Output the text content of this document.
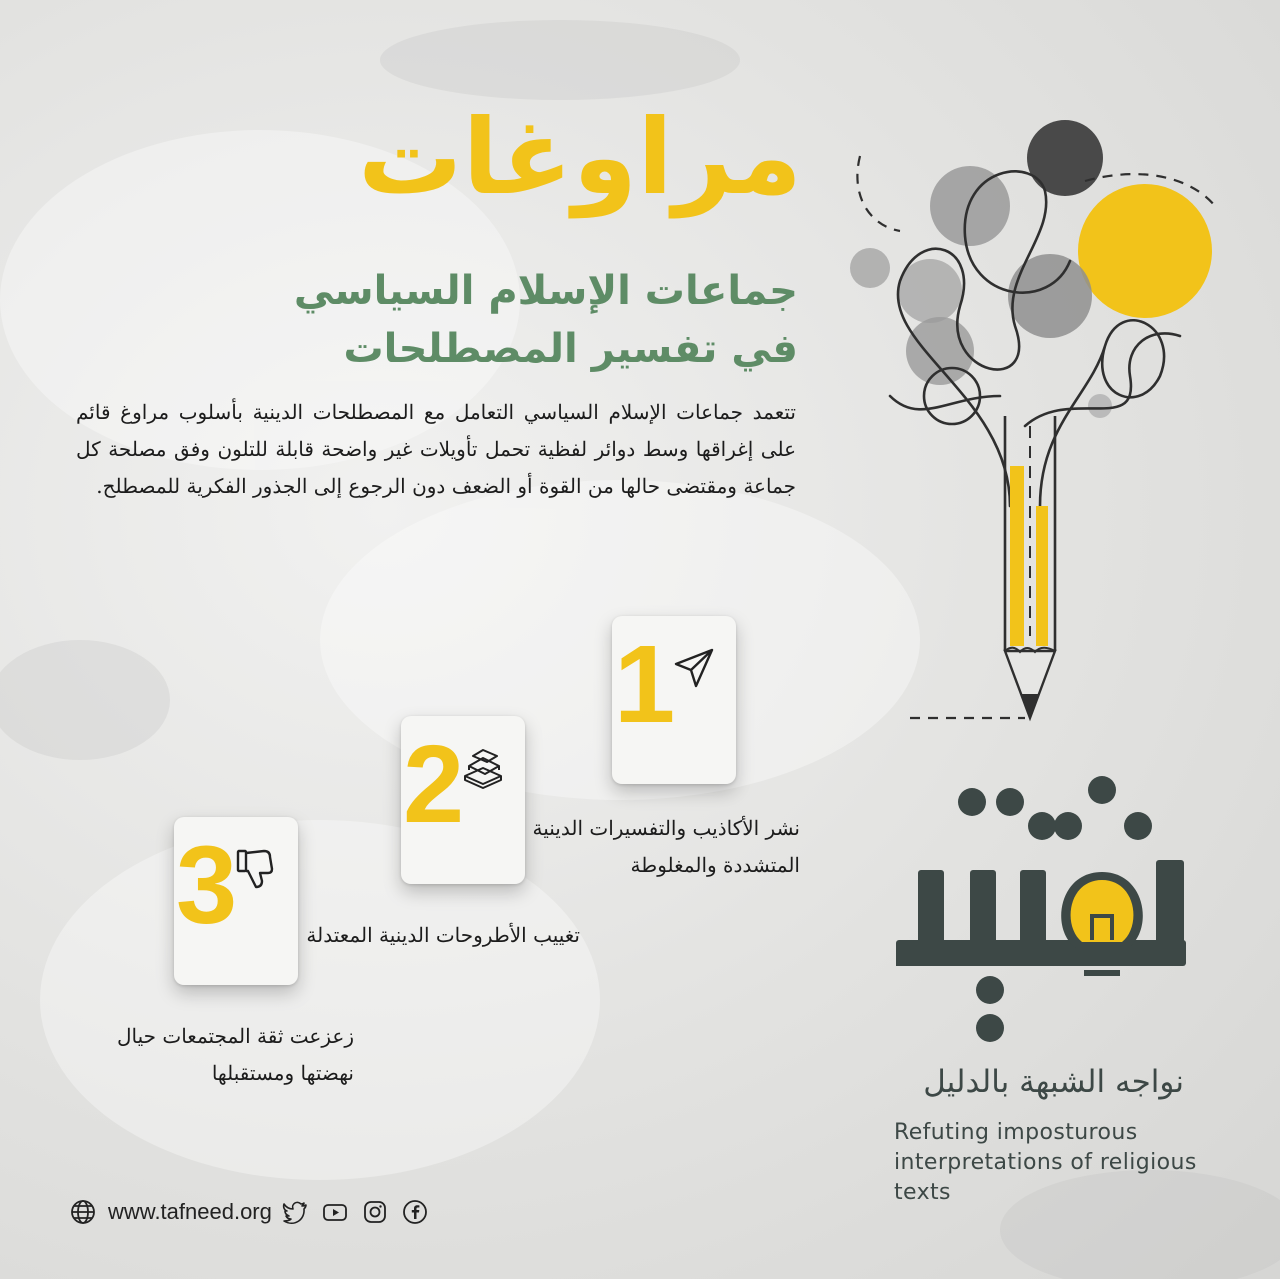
مراوغات
جماعات الإسلام السياسي في تفسير المصطلحات

تتعمد جماعات الإسلام السياسي التعامل مع المصطلحات الدينية بأسلوب مراوغ قائم على إغراقها وسط دوائر لفظية تحمل تأويلات غير واضحة قابلة للتلون وفق مصلحة كل جماعة ومقتضى حالها من القوة أو الضعف دون الرجوع إلى الجذور الفكرية للمصطلح.

1

نشر الأكاذيب والتفسيرات الدينية المتشددة والمغلوطة

2

تغييب الأطروحات الدينية المعتدلة

3

زعزعت ثقة المجتمعات حيال نهضتها ومستقبلها	نواجه الشبهة بالدليل

Refuting imposturous interpretations of religious texts

www.tafneed.org
